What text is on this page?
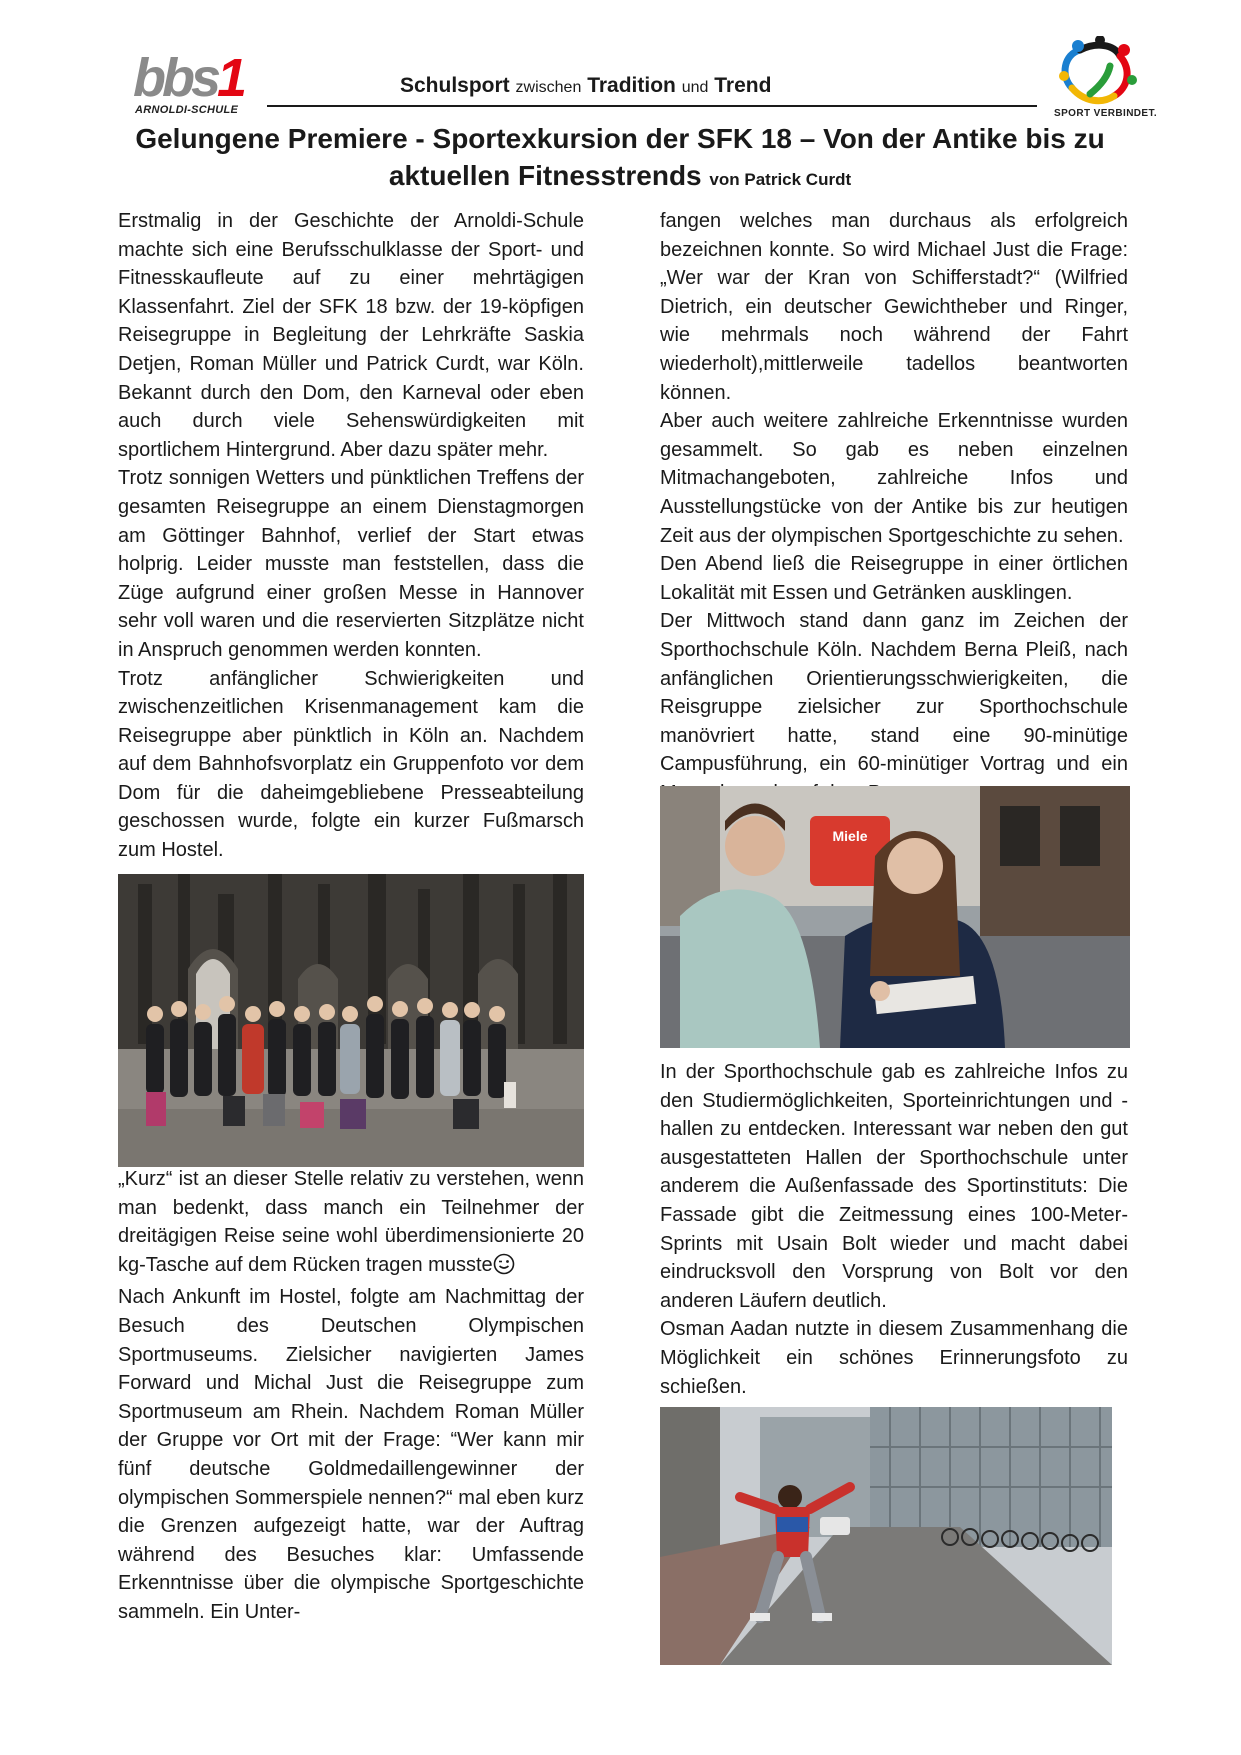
bbs1
ARNOLDI-SCHULE
Schulsport zwischen Tradition und Trend
SPORT VERBINDET.
Gelungene Premiere - Sportexkursion der SFK 18 – Von der Antike bis zu
aktuellen Fitnesstrends von Patrick Curdt

Erstmalig in der Geschichte der Arnoldi-Schule machte sich eine Berufsschulklasse der Sport- und Fitnesskaufleute auf zu einer mehrtägigen Klassenfahrt. Ziel der SFK 18 bzw. der 19-köpfigen Reisegruppe in Begleitung der Lehrkräfte Saskia Detjen, Roman Müller und Patrick Curdt, war Köln. Bekannt durch den Dom, den Karneval oder eben auch durch viele Sehenswürdigkeiten mit sportlichem Hintergrund. Aber dazu später mehr.

Trotz sonnigen Wetters und pünktlichen Treffens der gesamten Reisegruppe an einem Dienstagmorgen am Göttinger Bahnhof, verlief der Start etwas holprig. Leider musste man feststellen, dass die Züge aufgrund einer großen Messe in Hannover sehr voll waren und die reservierten Sitzplätze nicht in Anspruch genommen werden konnten.

Trotz anfänglicher Schwierigkeiten und zwischenzeitlichen Krisenmanagement kam die Reisegruppe aber pünktlich in Köln an. Nachdem auf dem Bahnhofsvorplatz ein Gruppenfoto vor dem Dom für die daheimgebliebene Presseabteilung geschossen wurde, folgte ein kurzer Fußmarsch zum Hostel.

„Kurz“ ist an dieser Stelle relativ zu verstehen, wenn man bedenkt, dass manch ein Teilnehmer der dreitägigen Reise seine wohl überdimensionierte 20 kg-Tasche auf dem Rücken tragen musste

Nach Ankunft im Hostel, folgte am Nachmittag der Besuch des Deutschen Olympischen Sportmuseums. Zielsicher navigierten James Forward und Michal Just die Reisegruppe zum Sportmuseum am Rhein. Nachdem Roman Müller der Gruppe vor Ort mit der Frage: “Wer kann mir fünf deutsche Goldmedaillengewinner der olympischen Sommerspiele nennen?“ mal eben kurz die Grenzen aufgezeigt hatte, war der Auftrag während des Besuches klar: Umfassende Erkenntnisse über die olympische Sportgeschichte sammeln. Ein Unter-

fangen welches man durchaus als erfolgreich bezeichnen konnte. So wird Michael Just die Frage: „Wer war der Kran von Schifferstadt?“ (Wilfried Dietrich, ein deutscher Gewichtheber und Ringer, wie mehrmals noch während der Fahrt wiederholt),mittlerweile tadellos beantworten können.

Aber auch weitere zahlreiche Erkenntnisse wurden gesammelt. So gab es neben einzelnen Mitmachangeboten, zahlreiche Infos und Ausstellungstücke von der Antike bis zur heutigen Zeit aus der olympischen Sportgeschichte zu sehen.

Den Abend ließ die Reisegruppe in einer örtlichen Lokalität mit Essen und Getränken ausklingen.

Der Mittwoch stand dann ganz im Zeichen der Sporthochschule Köln. Nachdem Berna Pleiß, nach anfänglichen Orientierungsschwierigkeiten, die Reisgruppe zielsicher zur Sporthochschule manövriert hatte, stand eine 90-minütige Campusführung, ein 60-minütiger Vortrag und ein

Miele

In der Sporthochschule gab es zahlreiche Infos zu den Studiermöglichkeiten, Sporteinrichtungen und -hallen zu entdecken. Interessant war neben den gut ausgestatteten Hallen der Sporthochschule unter anderem die Außenfassade des Sportinstituts: Die Fassade gibt die Zeitmessung eines 100-Meter-Sprints mit Usain Bolt wieder und macht dabei eindrucksvoll den Vorsprung von Bolt vor den anderen Läufern deutlich.

Osman Aadan nutzte in diesem Zusammenhang die Möglichkeit ein schönes Erinnerungsfoto zu schießen.
